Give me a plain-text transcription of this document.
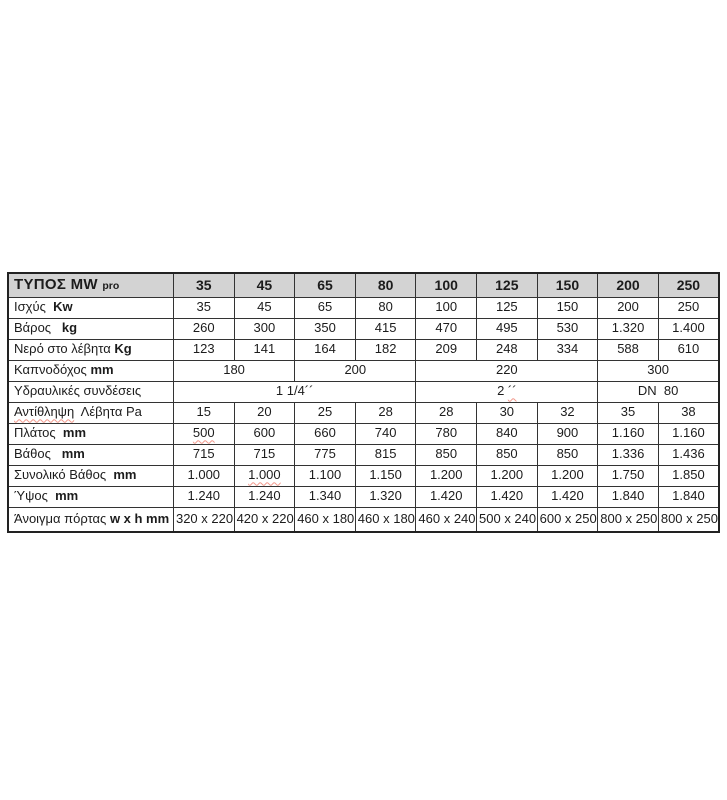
ΤΥΠΟΣ MW pro	35	45	65	80	100	125	150	200	250
Ισχύς  Kw	35	45	65	80	100	125	150	200	250
Βάρος   kg	260	300	350	415	470	495	530	1.320	1.400
Νερό στο λέβητα Kg	123	141	164	182	209	248	334	588	610
Καπνοδόχος mm	180		200		220			300	
Υδραυλικές συνδέσεις	1 1/4´´				2 ´´			DN  80	
Αντίθληψη  Λέβητα Pa	15	20	25	28	28	30	32	35	38
Πλάτος  mm	500	600	660	740	780	840	900	1.160	1.160
Βάθος   mm	715	715	775	815	850	850	850	1.336	1.436
Συνολικό Βάθος  mm	1.000	1.000	1.100	1.150	1.200	1.200	1.200	1.750	1.850
Ύψος  mm	1.240	1.240	1.340	1.320	1.420	1.420	1.420	1.840	1.840
Άνοιγμα πόρτας w x h mm	320 x 220	420 x 220	460 x 180	460 x 180	460 x 240	500 x 240	600 x 250	800 x 250	800 x 250
